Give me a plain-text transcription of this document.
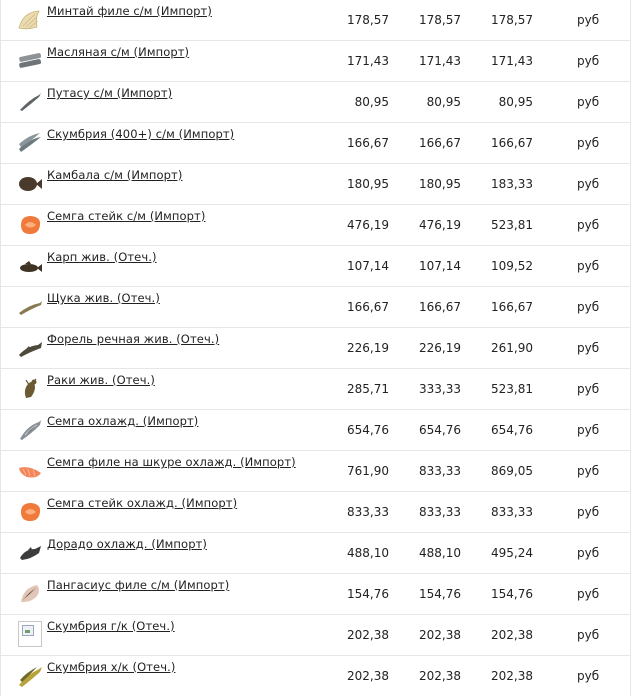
Минтай филе с/м (Импорт)
178,57	178,57	178,57	руб
Масляная с/м (Импорт)
171,43	171,43	171,43	руб
Путасу с/м (Импорт)
80,95	80,95	80,95	руб
Скумбрия (400+) с/м (Импорт)
166,67	166,67	166,67	руб
Камбала с/м (Импорт)
180,95	180,95	183,33	руб
Семга стейк с/м (Импорт)
476,19	476,19	523,81	руб
Карп жив. (Отеч.)
107,14	107,14	109,52	руб
Щука жив. (Отеч.)
166,67	166,67	166,67	руб
Форель речная жив. (Отеч.)
226,19	226,19	261,90	руб
Раки жив. (Отеч.)
285,71	333,33	523,81	руб
Семга охлажд. (Импорт)
654,76	654,76	654,76	руб
Семга филе на шкуре охлажд. (Импорт)
761,90	833,33	869,05	руб
Семга стейк охлажд. (Импорт)
833,33	833,33	833,33	руб
Дорадо охлажд. (Импорт)
488,10	488,10	495,24	руб
Пангасиус филе с/м (Импорт)
154,76	154,76	154,76	руб
Скумбрия г/к (Отеч.)
202,38	202,38	202,38	руб
Скумбрия х/к (Отеч.)
202,38	202,38	202,38	руб
